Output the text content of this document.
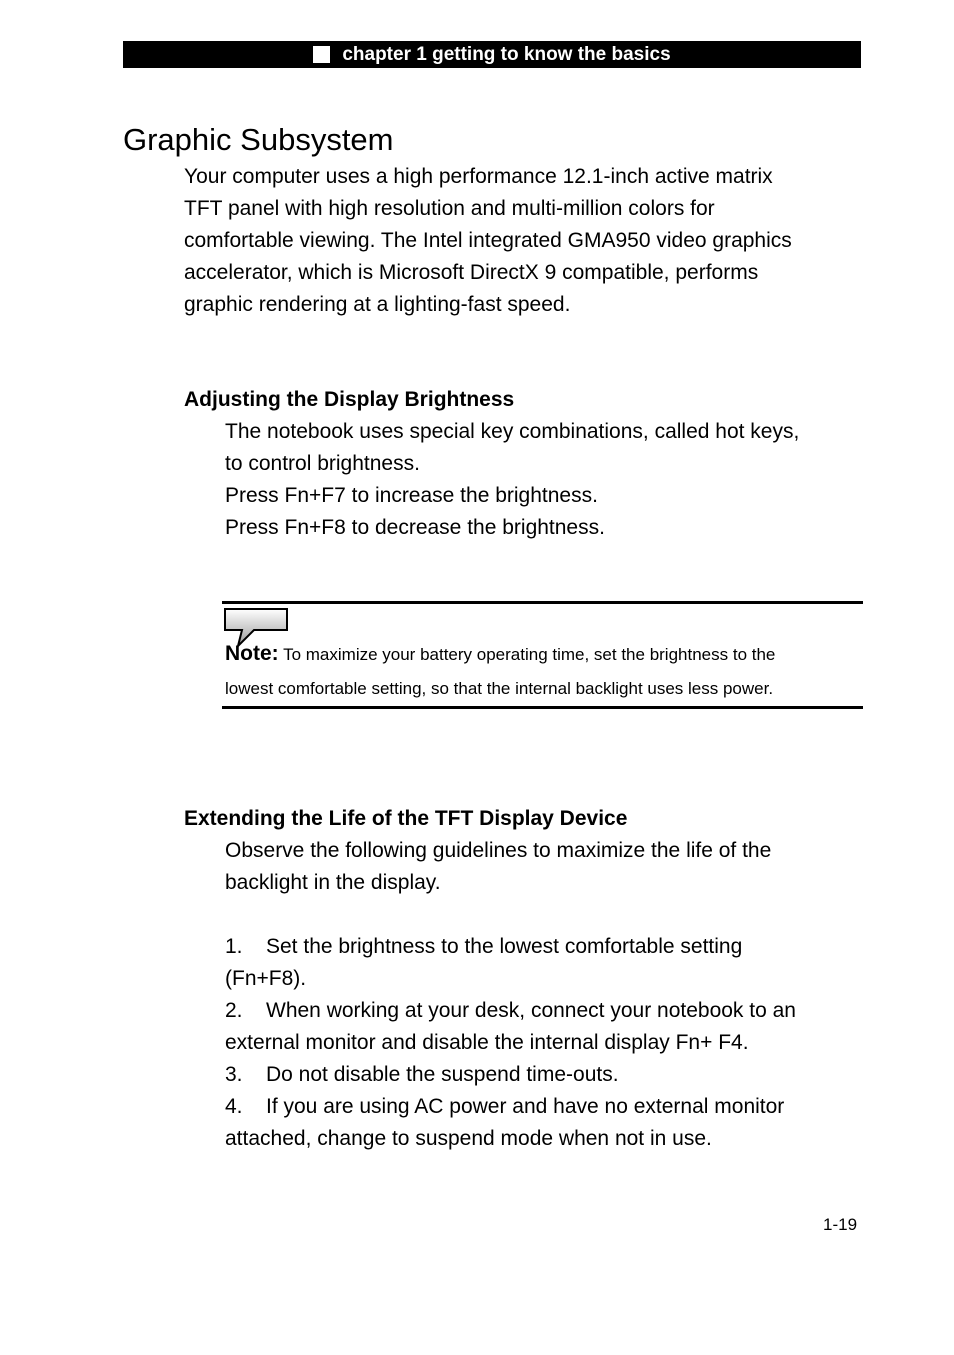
chapter 1 getting to know the basics
Graphic Subsystem
Your computer uses a high performance 12.1-inch active matrix
TFT panel with high resolution and multi-million colors for
comfortable viewing. The Intel integrated GMA950 video graphics
accelerator, which is Microsoft DirectX 9 compatible, performs
graphic rendering at a lighting-fast speed.
Adjusting the Display Brightness

The notebook uses special key combinations, called hot keys,

to control brightness.

Press Fn+F7 to increase the brightness.

Press Fn+F8 to decrease the brightness.

Note: To maximize your battery operating time, set the brightness to the
lowest comfortable setting, so that the internal backlight uses less power.
Extending the Life of the TFT Display Device

Observe the following guidelines to maximize the life of the

backlight in the display.

1. Set the brightness to the lowest comfortable setting

(Fn+F8).

2. When working at your desk, connect your notebook to an

external monitor and disable the internal display Fn+ F4.

3. Do not disable the suspend time-outs.

4. If you are using AC power and have no external monitor

attached, change to suspend mode when not in use.

1-19
